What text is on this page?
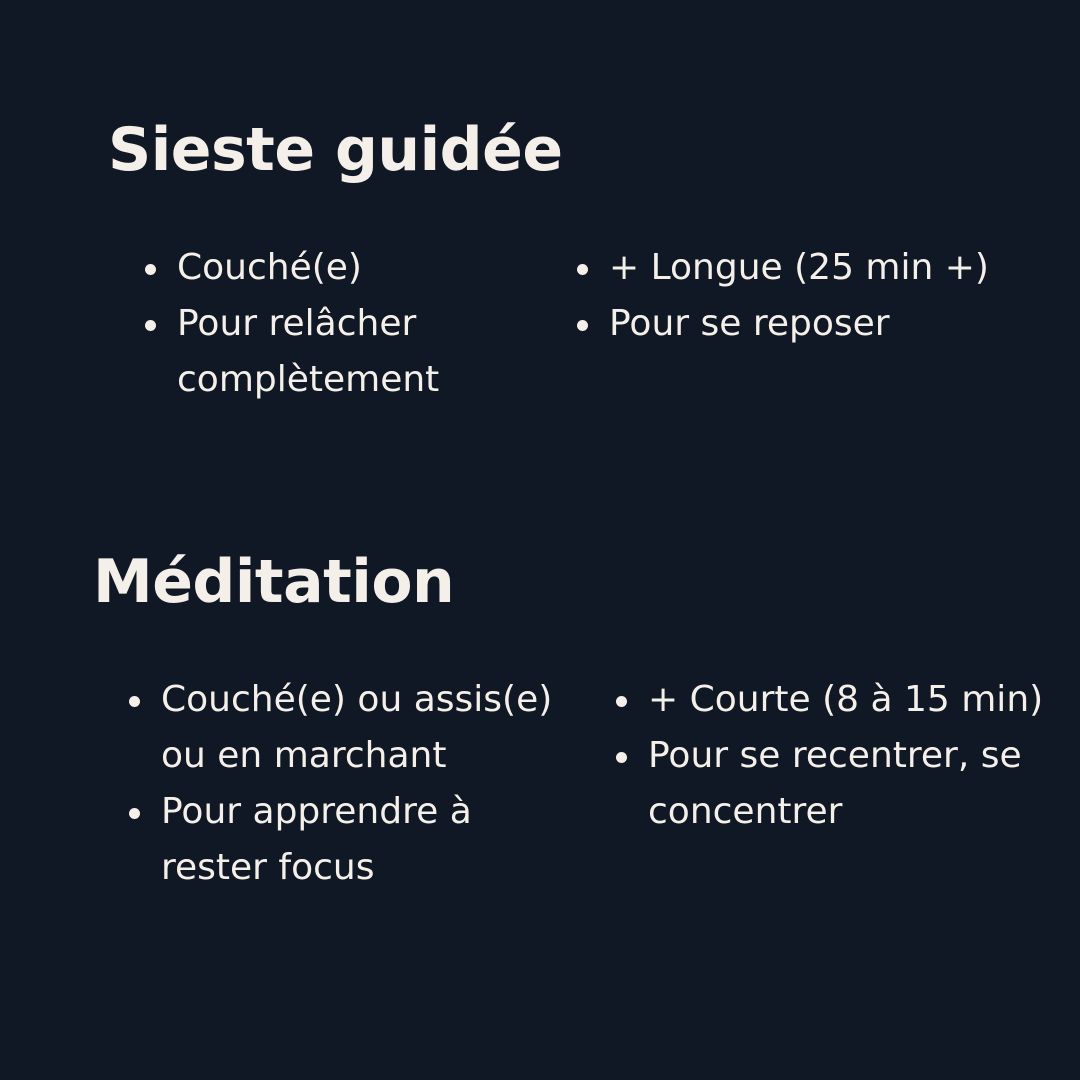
Sieste guidée
Couché(e)
Pour relâcher complètement
+ Longue (25 min +)
Pour se reposer
Méditation
Couché(e) ou assis(e) ou en marchant
Pour apprendre à rester focus
+ Courte (8 à 15 min)
Pour se recentrer, se concentrer
